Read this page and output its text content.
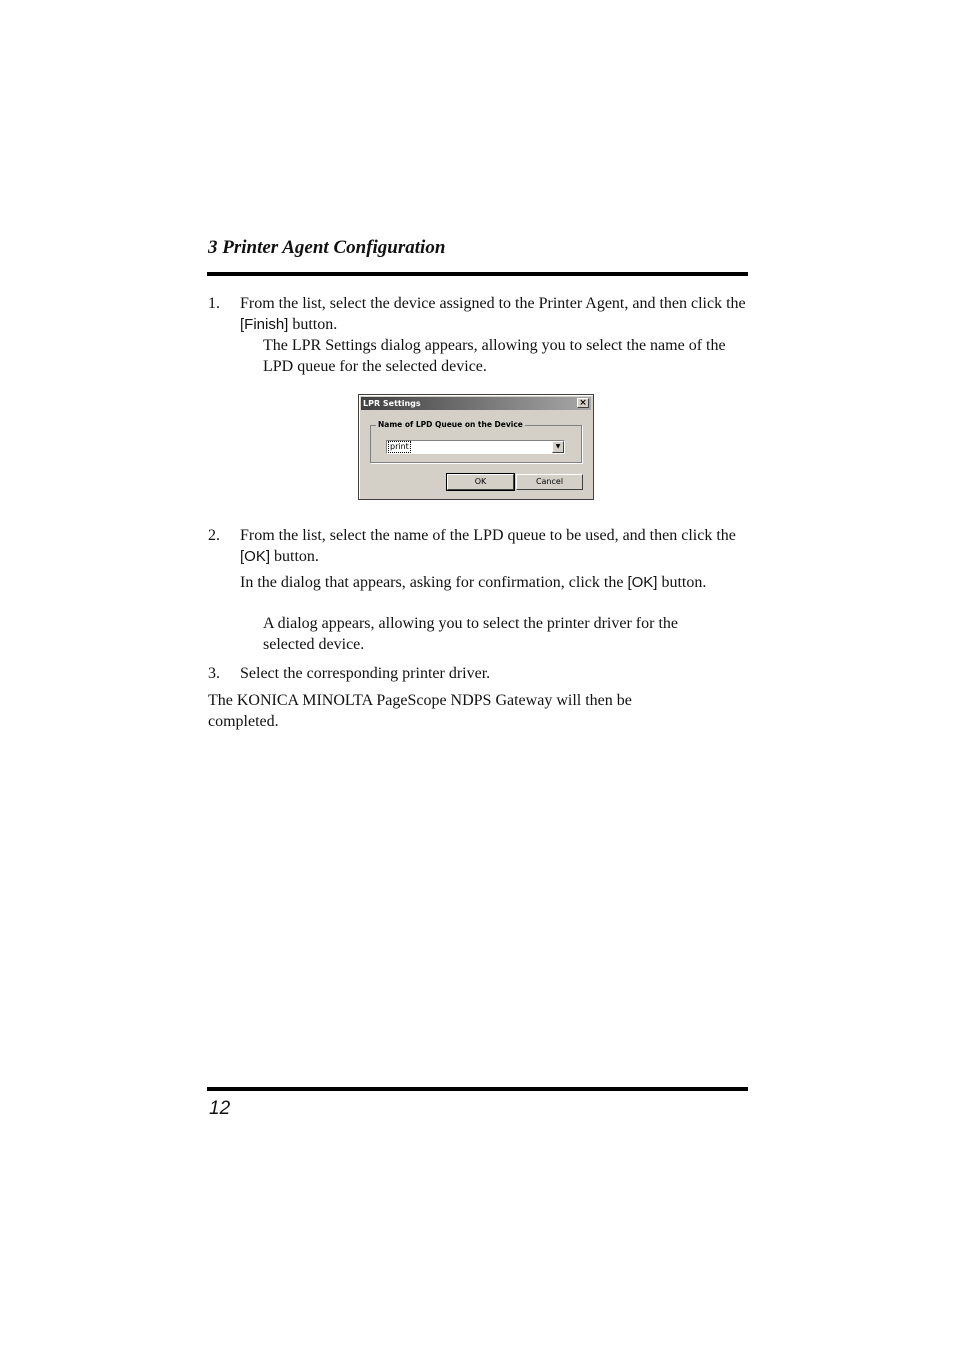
3 Printer Agent Configuration
1. From the list, select the device assigned to the Printer Agent, and then click the [Finish] button.
The LPR Settings dialog appears, allowing you to select the name of the LPD queue for the selected device.
LPR Settings	×
Name of LPD Queue on the Device
print	▼
OK	Cancel
2. From the list, select the name of the LPD queue to be used, and then click the [OK] button.
In the dialog that appears, asking for confirmation, click the [OK] button.
A dialog appears, allowing you to select the printer driver for the selected device.
3. Select the corresponding printer driver.
The KONICA MINOLTA PageScope NDPS Gateway will then be completed.
12
